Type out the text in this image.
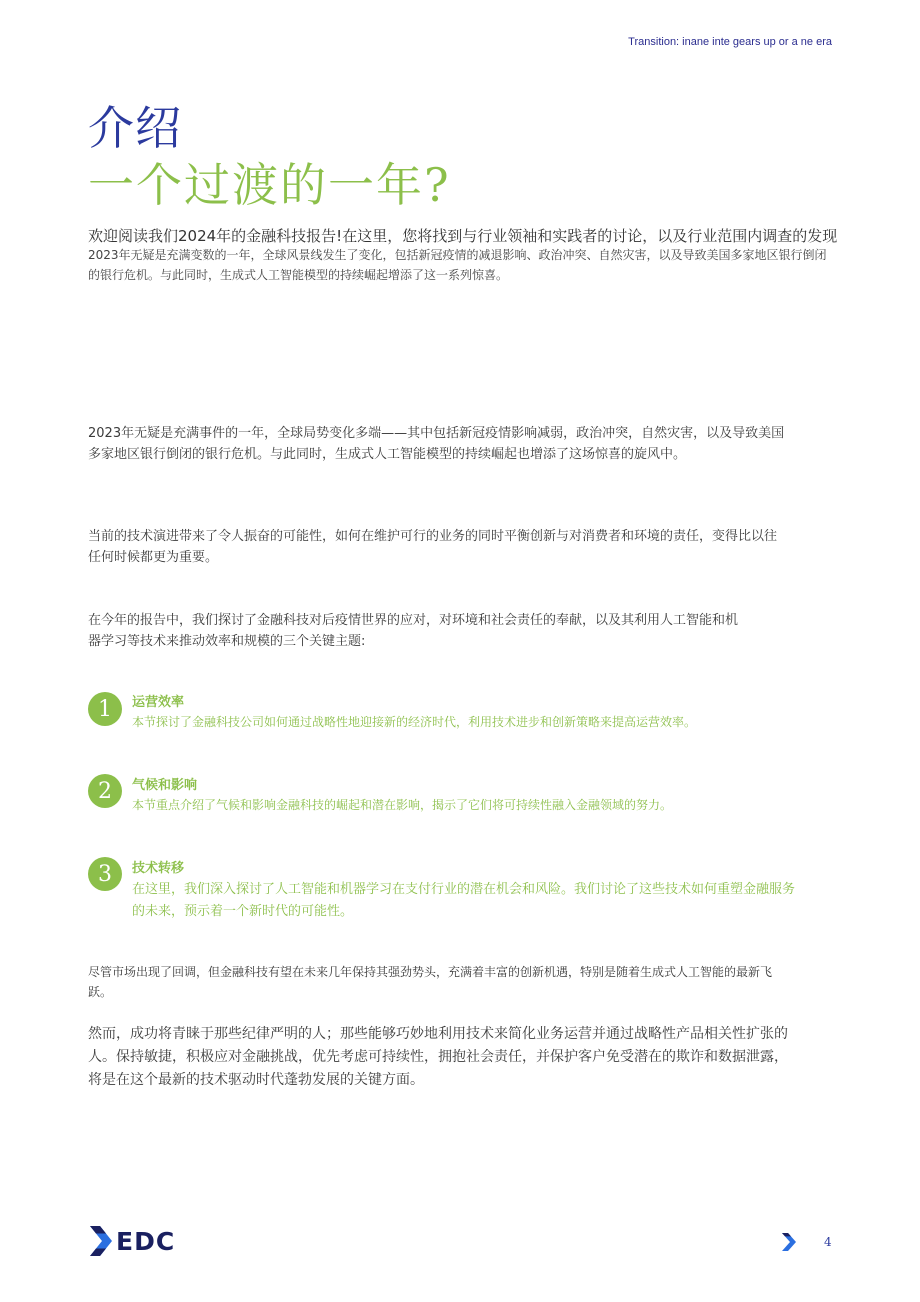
Transition: inane inte gears up or a ne era
介绍
一个过渡的一年?
欢迎阅读我们2024年的金融科技报告!在这里，您将找到与行业领袖和实践者的讨论，以及行业范围内调查的发现
2023年无疑是充满变数的一年，全球风景线发生了变化，包括新冠疫情的减退影响、政治冲突、自然灾害，以及导致美国多家地区银行倒闭的银行危机。与此同时，生成式人工智能模型的持续崛起增添了这一系列惊喜。
2023年无疑是充满事件的一年，全球局势变化多端——其中包括新冠疫情影响减弱，政治冲突，自然灾害，以及导致美国多家地区银行倒闭的银行危机。与此同时，生成式人工智能模型的持续崛起也增添了这场惊喜的旋风中。
当前的技术演进带来了令人振奋的可能性，如何在维护可行的业务的同时平衡创新与对消费者和环境的责任，变得比以往任何时候都更为重要。
在今年的报告中，我们探讨了金融科技对后疫情世界的应对，对环境和社会责任的奉献，以及其利用人工智能和机器学习等技术来推动效率和规模的三个关键主题:
1	运营效率
本节探讨了金融科技公司如何通过战略性地迎接新的经济时代，利用技术进步和创新策略来提高运营效率。
2	气候和影响
本节重点介绍了气候和影响金融科技的崛起和潜在影响，揭示了它们将可持续性融入金融领域的努力。
3	技术转移
在这里，我们深入探讨了人工智能和机器学习在支付行业的潜在机会和风险。我们讨论了这些技术如何重塑金融服务的未来，预示着一个新时代的可能性。
尽管市场出现了回调，但金融科技有望在未来几年保持其强劲势头，充满着丰富的创新机遇，特别是随着生成式人工智能的最新飞跃。
然而，成功将青睐于那些纪律严明的人；那些能够巧妙地利用技术来简化业务运营并通过战略性产品相关性扩张的人。保持敏捷，积极应对金融挑战，优先考虑可持续性，拥抱社会责任，并保护客户免受潜在的欺诈和数据泄露，将是在这个最新的技术驱动时代蓬勃发展的关键方面。
EDC	4
